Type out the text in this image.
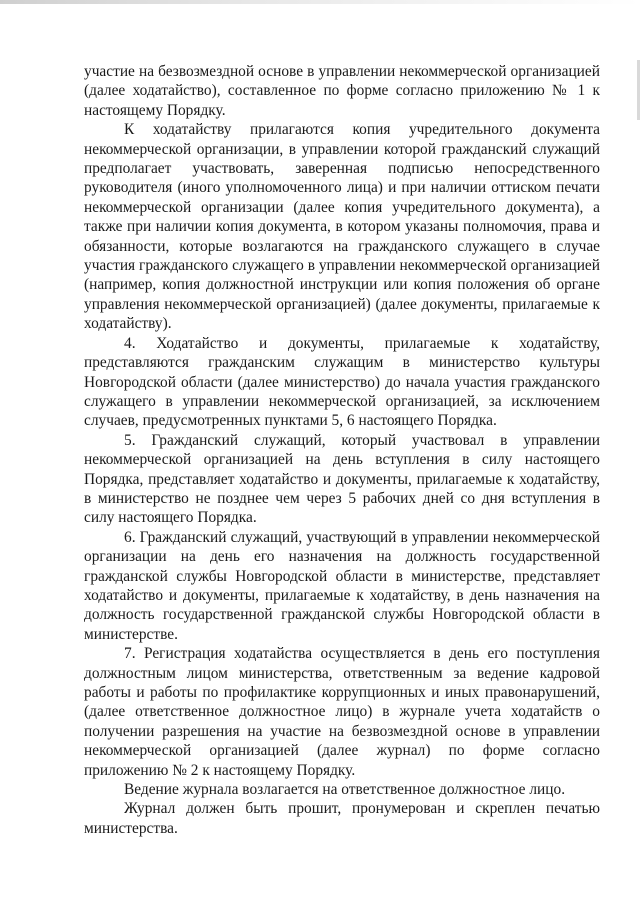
участие на безвозмездной основе в управлении некоммерческой организацией (далее ходатайство), составленное по форме согласно приложению № 1 к настоящему Порядку.

К ходатайству прилагаются копия учредительного документа некоммерческой организации, в управлении которой гражданский служащий предполагает участвовать, заверенная подписью непосредственного руководителя (иного уполномоченного лица) и при наличии оттиском печати некоммерческой организации (далее копия учредительного документа), а также при наличии копия документа, в котором указаны полномочия, права и обязанности, которые возлагаются на гражданского служащего в случае участия гражданского служащего в управлении некоммерческой организацией (например, копия должностной инструкции или копия положения об органе управления некоммерческой организацией) (далее документы, прилагаемые к ходатайству).

4. Ходатайство и документы, прилагаемые к ходатайству, представляются гражданским служащим в министерство культуры Новгородской области (далее министерство) до начала участия гражданского служащего в управлении некоммерческой организацией, за исключением случаев, предусмотренных пунктами 5, 6 настоящего Порядка.

5. Гражданский служащий, который участвовал в управлении некоммерческой организацией на день вступления в силу настоящего Порядка, представляет ходатайство и документы, прилагаемые к ходатайству, в министерство не позднее чем через 5 рабочих дней со дня вступления в силу настоящего Порядка.

6. Гражданский служащий, участвующий в управлении некоммерческой организации на день его назначения на должность государственной гражданской службы Новгородской области в министерстве, представляет ходатайство и документы, прилагаемые к ходатайству, в день назначения на должность государственной гражданской службы Новгородской области в министерстве.

7. Регистрация ходатайства осуществляется в день его поступления должностным лицом министерства, ответственным за ведение кадровой работы и работы по профилактике коррупционных и иных правонарушений, (далее ответственное должностное лицо) в журнале учета ходатайств о получении разрешения на участие на безвозмездной основе в управлении некоммерческой организацией (далее журнал) по форме согласно приложению № 2 к настоящему Порядку.

Ведение журнала возлагается на ответственное должностное лицо.

Журнал должен быть прошит, пронумерован и скреплен печатью министерства.
